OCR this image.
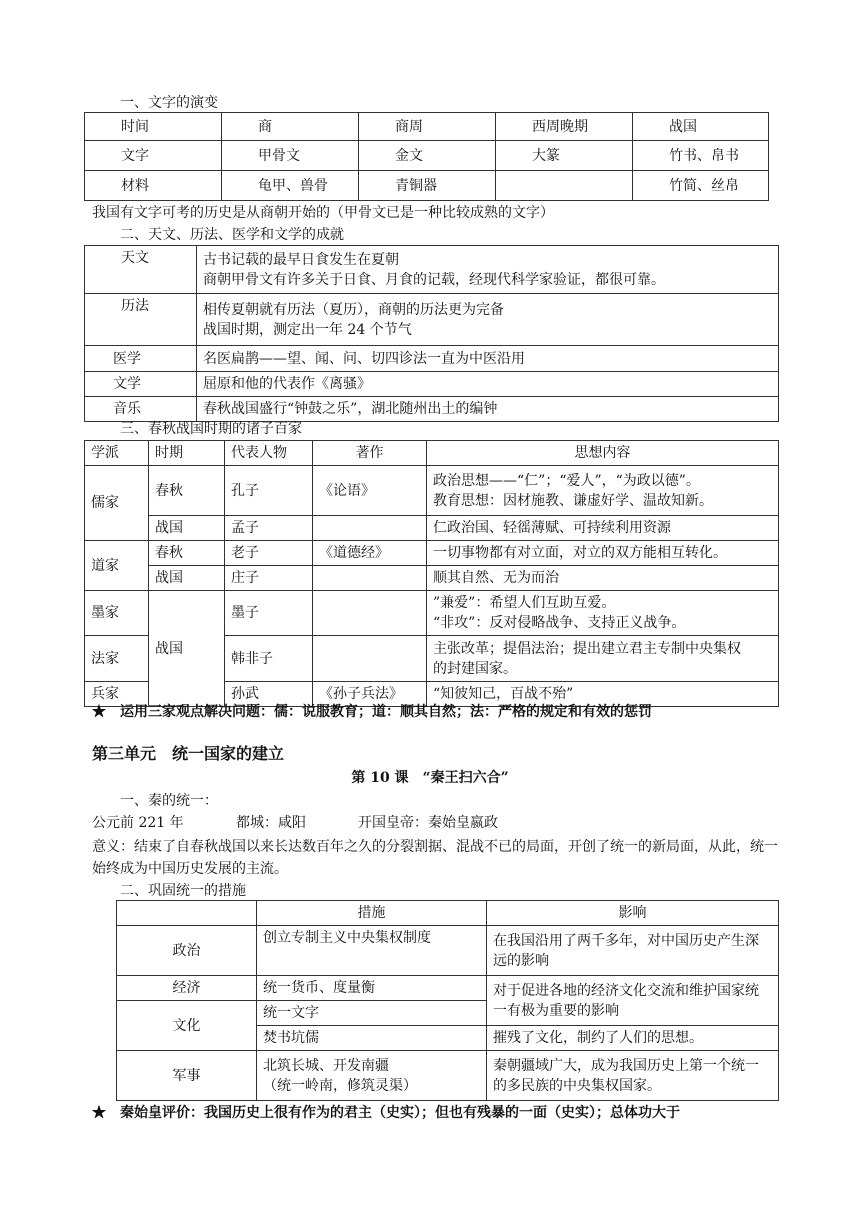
一、文字的演变
时间	商	商周	西周晚期	战国
文字	甲骨文	金文	大篆	竹书、帛书
材料	龟甲、兽骨	青铜器		竹简、丝帛
我国有文字可考的历史是从商朝开始的（甲骨文已是一种比较成熟的文字）
二、天文、历法、医学和文学的成就
天文	古书记载的最早日食发生在夏朝
商朝甲骨文有许多关于日食、月食的记载，经现代科学家验证，都很可靠。

历法	相传夏朝就有历法（夏历），商朝的历法更为完备
战国时期，测定出一年 24 个节气

医学	名医扁鹊——望、闻、问、切四诊法一直为中医沿用
文学	屈原和他的代表作《离骚》
音乐	春秋战国盛行“钟鼓之乐”，湖北随州出土的编钟
三、春秋战国时期的诸子百家
学派	时期	代表人物	著作	思想内容
儒家	春秋	孔子	《论语》	政治思想——“仁”；“爱人”，“为政以德”。
教育思想：因材施教、谦虚好学、温故知新。

	战国	孟子		仁政治国、轻徭薄赋、可持续利用资源
道家	春秋	老子	《道德经》	一切事物都有对立面，对立的双方能相互转化。
	战国	庄子		顺其自然、无为而治
墨家	战国	墨子		”兼爱”：希望人们互助互爱。
“非攻”：反对侵略战争、支持正义战争。

法家		韩非子		主张改革；提倡法治；提出建立君主专制中央集权
的封建国家。

兵家		孙武	《孙子兵法》	“知彼知己，百战不殆”
★　运用三家观点解决问题：儒：说服教育；道：顺其自然；法：严格的规定和有效的惩罚
第三单元　统一国家的建立
第 10 课　“秦王扫六合”
一、秦的统一：
公元前 221 年	都城：咸阳	开国皇帝：秦始皇嬴政
意义：结束了自春秋战国以来长达数百年之久的分裂割据、混战不已的局面，开创了统一的新局面，从此，统一始终成为中国历史发展的主流。
二、巩固统一的措施
	措施	影响
政治	创立专制主义中央集权制度	在我国沿用了两千多年，对中国历史产生深远的影响
经济	统一货币、度量衡	对于促进各地的经济文化交流和维护国家统一有极为重要的影响
文化	统一文字	
	焚书坑儒	摧残了文化，制约了人们的思想。
军事	北筑长城、开发南疆
（统一岭南，修筑灵渠）	秦朝疆域广大，成为我国历史上第一个统一的多民族的中央集权国家。
★　秦始皇评价：我国历史上很有作为的君主（史实）；但也有残暴的一面（史实）；总体功大于
